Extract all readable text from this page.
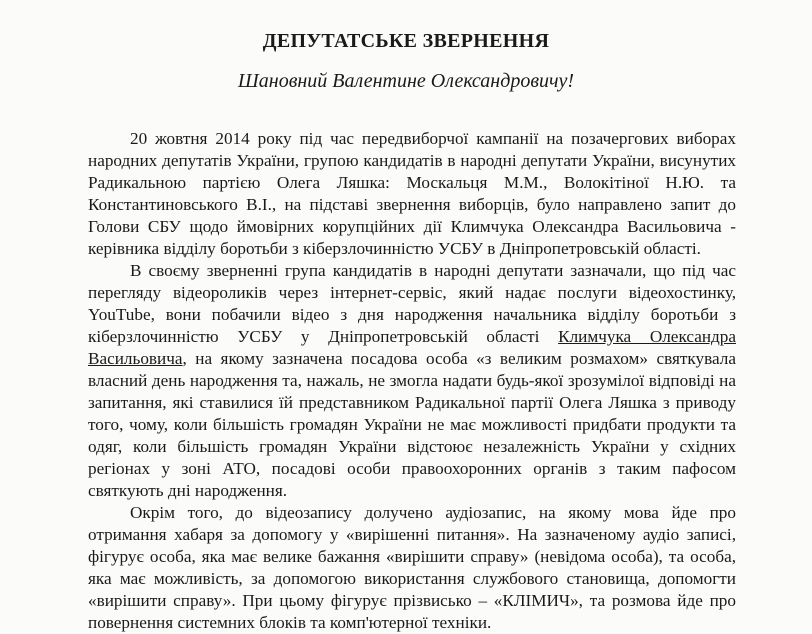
ДЕПУТАТСЬКЕ ЗВЕРНЕННЯ
Шановний Валентине Олександровичу!

20 жовтня 2014 року під час передвиборчої кампанії на позачергових виборах народних депутатів України, групою кандидатів в народні депутати України, висунутих Радикальною партією Олега Ляшка: Москальця М.М., Волокітіної Н.Ю. та Константиновського В.І., на підставі звернення виборців, було направлено запит до Голови СБУ щодо ймовірних корупційних дії Климчука Олександра Васильовича - керівника відділу боротьби з кіберзлочинністю УСБУ в Дніпропетровській області.

В своєму зверненні група кандидатів в народні депутати зазначали, що під час перегляду відеороликів через інтернет-сервіс, який надає послуги відеохостинку, YouTube, вони побачили відео з дня народження начальника відділу боротьби з кіберзлочинністю УСБУ у Дніпропетровській області Климчука Олександра Васильовича, на якому зазначена посадова особа «з великим розмахом» святкувала власний день народження та, нажаль, не змогла надати будь-якої зрозумілої відповіді на запитання, які ставилися їй представником Радикальної партії Олега Ляшка з приводу того, чому, коли більшість громадян України не має можливості придбати продукти та одяг, коли більшість громадян України відстоює незалежність України у східних регіонах у зоні АТО, посадові особи правоохоронних органів з таким пафосом святкують дні народження.

Окрім того, до відеозапису долучено аудіозапис, на якому мова йде про отримання хабаря за допомогу у «вирішенні питання». На зазначеному аудіо записі, фігурує особа, яка має велике бажання «вирішити справу» (невідома особа), та особа, яка має можливість, за допомогою використання службового становища, допомогти «вирішити справу». При цьому фігурує прізвисько – «КЛІМИЧ», та розмова йде про повернення системних блоків та комп'ютерної техніки.
